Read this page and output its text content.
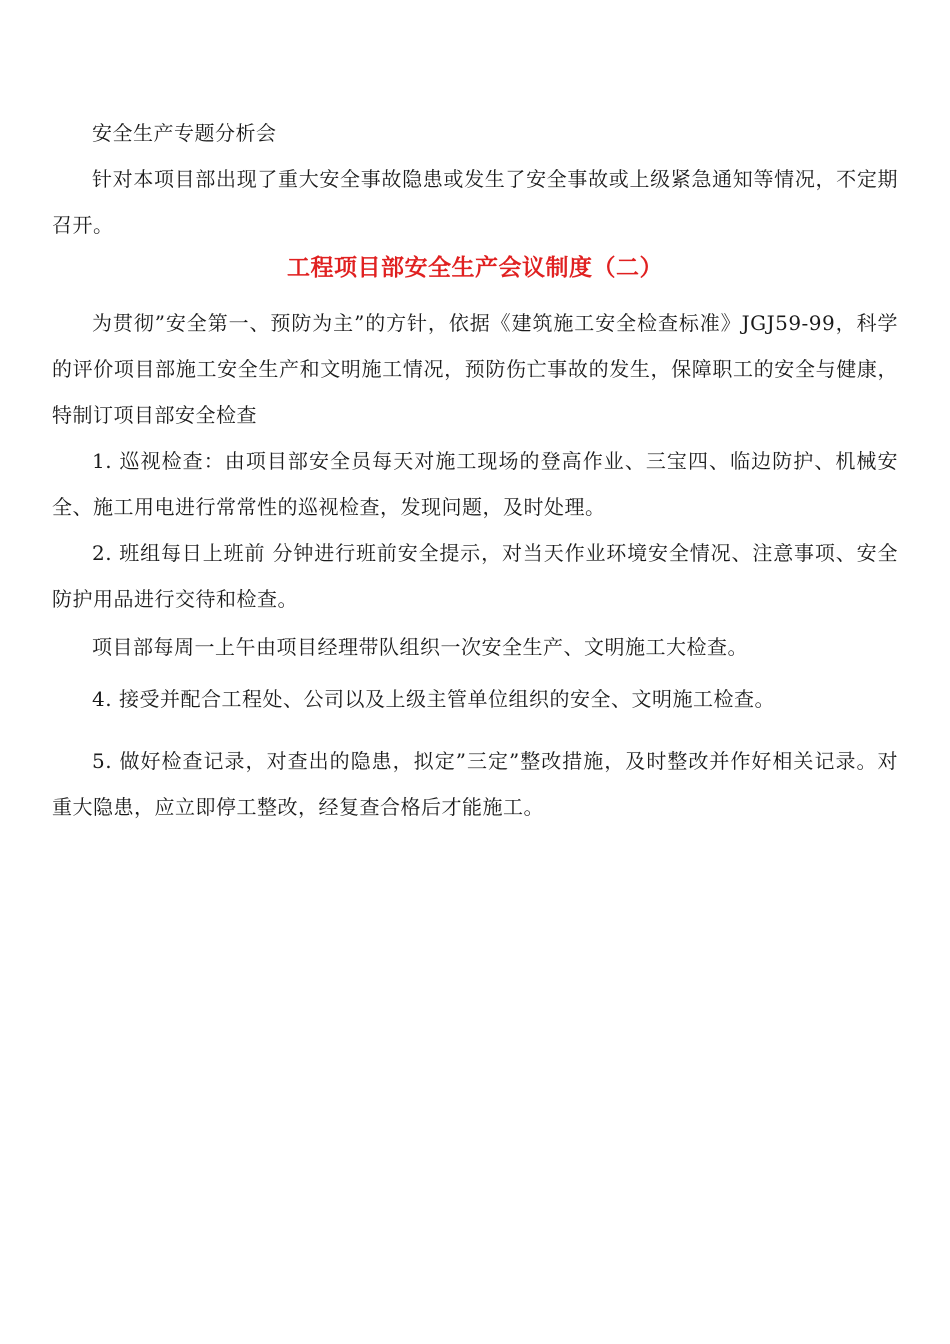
安全生产专题分析会

针对本项目部出现了重大安全事故隐患或发生了安全事故或上级紧急通知等情况，不定期召开。

工程项目部安全生产会议制度（二）

为贯彻”安全第一、预防为主”的方针，依据《建筑施工安全检查标准》JGJ59-99，科学的评价项目部施工安全生产和文明施工情况，预防伤亡事故的发生，保障职工的安全与健康，特制订项目部安全检查

1. 巡视检查：由项目部安全员每天对施工现场的登高作业、三宝四、临边防护、机械安全、施工用电进行常常性的巡视检查，发现问题，及时处理。

2. 班组每日上班前 分钟进行班前安全提示，对当天作业环境安全情况、注意事项、安全防护用品进行交待和检查。

项目部每周一上午由项目经理带队组织一次安全生产、文明施工大检查。

4. 接受并配合工程处、公司以及上级主管单位组织的安全、文明施工检查。

5. 做好检查记录，对查出的隐患，拟定”三定”整改措施，及时整改并作好相关记录。对重大隐患，应立即停工整改，经复查合格后才能施工。
